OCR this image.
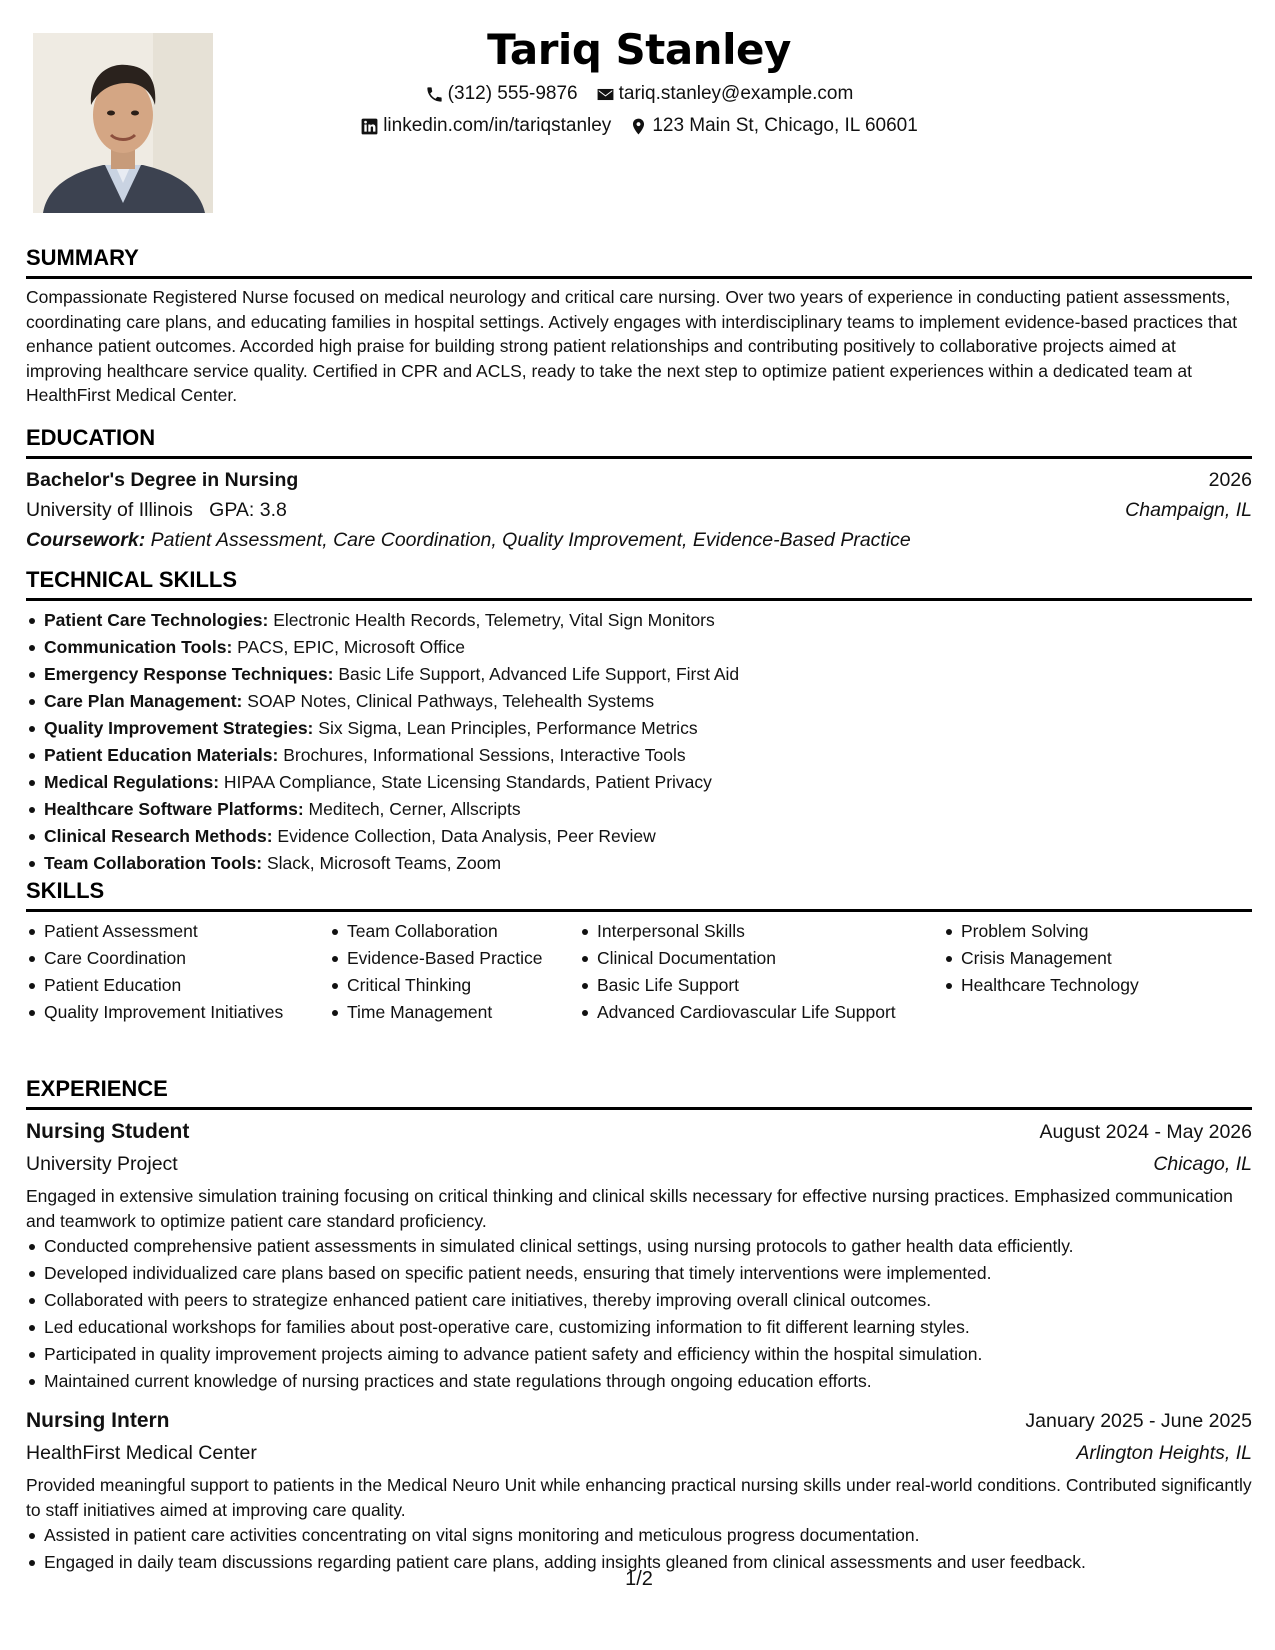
Tariq Stanley
(312) 555-9876 tariq.stanley@example.com
linkedin.com/in/tariqstanley 123 Main St, Chicago, IL 60601
SUMMARY
Compassionate Registered Nurse focused on medical neurology and critical care nursing. Over two years of experience in conducting patient assessments, coordinating care plans, and educating families in hospital settings. Actively engages with interdisciplinary teams to implement evidence-based practices that enhance patient outcomes. Accorded high praise for building strong patient relationships and contributing positively to collaborative projects aimed at improving healthcare service quality. Certified in CPR and ACLS, ready to take the next step to optimize patient experiences within a dedicated team at HealthFirst Medical Center.
EDUCATION
Bachelor's Degree in Nursing	2026
University of Illinois GPA: 3.8	Champaign, IL
Coursework: Patient Assessment, Care Coordination, Quality Improvement, Evidence-Based Practice
TECHNICAL SKILLS
Patient Care Technologies: Electronic Health Records, Telemetry, Vital Sign Monitors
Communication Tools: PACS, EPIC, Microsoft Office
Emergency Response Techniques: Basic Life Support, Advanced Life Support, First Aid
Care Plan Management: SOAP Notes, Clinical Pathways, Telehealth Systems
Quality Improvement Strategies: Six Sigma, Lean Principles, Performance Metrics
Patient Education Materials: Brochures, Informational Sessions, Interactive Tools
Medical Regulations: HIPAA Compliance, State Licensing Standards, Patient Privacy
Healthcare Software Platforms: Meditech, Cerner, Allscripts
Clinical Research Methods: Evidence Collection, Data Analysis, Peer Review
Team Collaboration Tools: Slack, Microsoft Teams, Zoom
SKILLS
Patient Assessment
Care Coordination
Patient Education
Quality Improvement Initiatives
Team Collaboration
Evidence-Based Practice
Critical Thinking
Time Management
Interpersonal Skills
Clinical Documentation
Basic Life Support
Advanced Cardiovascular Life Support
Problem Solving
Crisis Management
Healthcare Technology
EXPERIENCE
Nursing Student	August 2024 - May 2026
University Project	Chicago, IL
Engaged in extensive simulation training focusing on critical thinking and clinical skills necessary for effective nursing practices. Emphasized communication and teamwork to optimize patient care standard proficiency.
Conducted comprehensive patient assessments in simulated clinical settings, using nursing protocols to gather health data efficiently.
Developed individualized care plans based on specific patient needs, ensuring that timely interventions were implemented.
Collaborated with peers to strategize enhanced patient care initiatives, thereby improving overall clinical outcomes.
Led educational workshops for families about post-operative care, customizing information to fit different learning styles.
Participated in quality improvement projects aiming to advance patient safety and efficiency within the hospital simulation.
Maintained current knowledge of nursing practices and state regulations through ongoing education efforts.
Nursing Intern	January 2025 - June 2025
HealthFirst Medical Center	Arlington Heights, IL
Provided meaningful support to patients in the Medical Neuro Unit while enhancing practical nursing skills under real-world conditions. Contributed significantly to staff initiatives aimed at improving care quality.
Assisted in patient care activities concentrating on vital signs monitoring and meticulous progress documentation.
Engaged in daily team discussions regarding patient care plans, adding insights gleaned from clinical assessments and user feedback.
1/2
